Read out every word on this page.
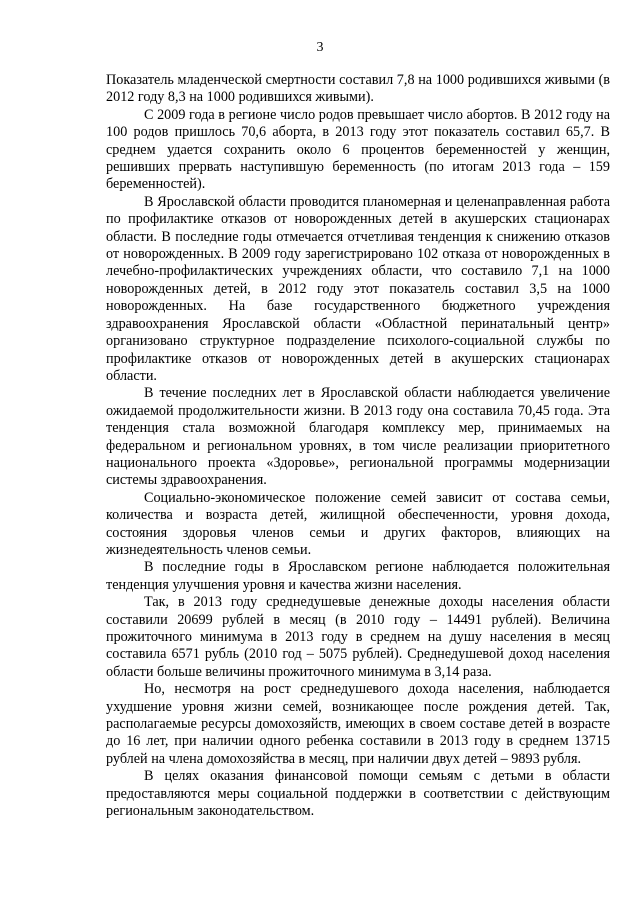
3

Показатель младенческой смертности составил 7,8 на 1000 родившихся живыми (в 2012 году 8,3 на 1000 родившихся живыми).

С 2009 года в регионе число родов превышает число абортов. В 2012 году на 100 родов пришлось 70,6 аборта, в 2013 году этот показатель составил 65,7. В среднем удается сохранить около 6 процентов беременностей у женщин, решивших прервать наступившую беременность (по итогам 2013 года – 159 беременностей).

В Ярославской области проводится планомерная и целенаправленная работа по профилактике отказов от новорожденных детей в акушерских стационарах области. В последние годы отмечается отчетливая тенденция к снижению отказов от новорожденных. В 2009 году зарегистрировано 102 отказа от новорожденных в лечебно-профилактических учреждениях области, что составило 7,1 на 1000 новорожденных детей, в 2012 году этот показатель составил 3,5 на 1000 новорожденных. На базе государственного бюджетного учреждения здравоохранения Ярославской области «Областной перинатальный центр» организовано структурное подразделение психолого-социальной службы по профилактике отказов от новорожденных детей в акушерских стационарах области.

В течение последних лет в Ярославской области наблюдается увеличение ожидаемой продолжительности жизни. В 2013 году она составила 70,45 года. Эта тенденция стала возможной благодаря комплексу мер, принимаемых на федеральном и региональном уровнях, в том числе реализации приоритетного национального проекта «Здоровье», региональной программы модернизации системы здравоохранения.

Социально-экономическое положение семей зависит от состава семьи, количества и возраста детей, жилищной обеспеченности, уровня дохода, состояния здоровья членов семьи и других факторов, влияющих на жизнедеятельность членов семьи.

В последние годы в Ярославском регионе наблюдается положительная тенденция улучшения уровня и качества жизни населения.

Так, в 2013 году среднедушевые денежные доходы населения области составили 20699 рублей в месяц (в 2010 году – 14491 рублей). Величина прожиточного минимума в 2013 году в среднем на душу населения в месяц составила 6571 рубль (2010 год – 5075 рублей). Среднедушевой доход населения области больше величины прожиточного минимума в 3,14 раза.

Но, несмотря на рост среднедушевого дохода населения, наблюдается ухудшение уровня жизни семей, возникающее после рождения детей. Так, располагаемые ресурсы домохозяйств, имеющих в своем составе детей в возрасте до 16 лет, при наличии одного ребенка составили в 2013 году в среднем 13715 рублей на члена домохозяйства в месяц, при наличии двух детей – 9893 рубля.

В целях оказания финансовой помощи семьям с детьми в области предоставляются меры социальной поддержки в соответствии с действующим региональным законодательством.
